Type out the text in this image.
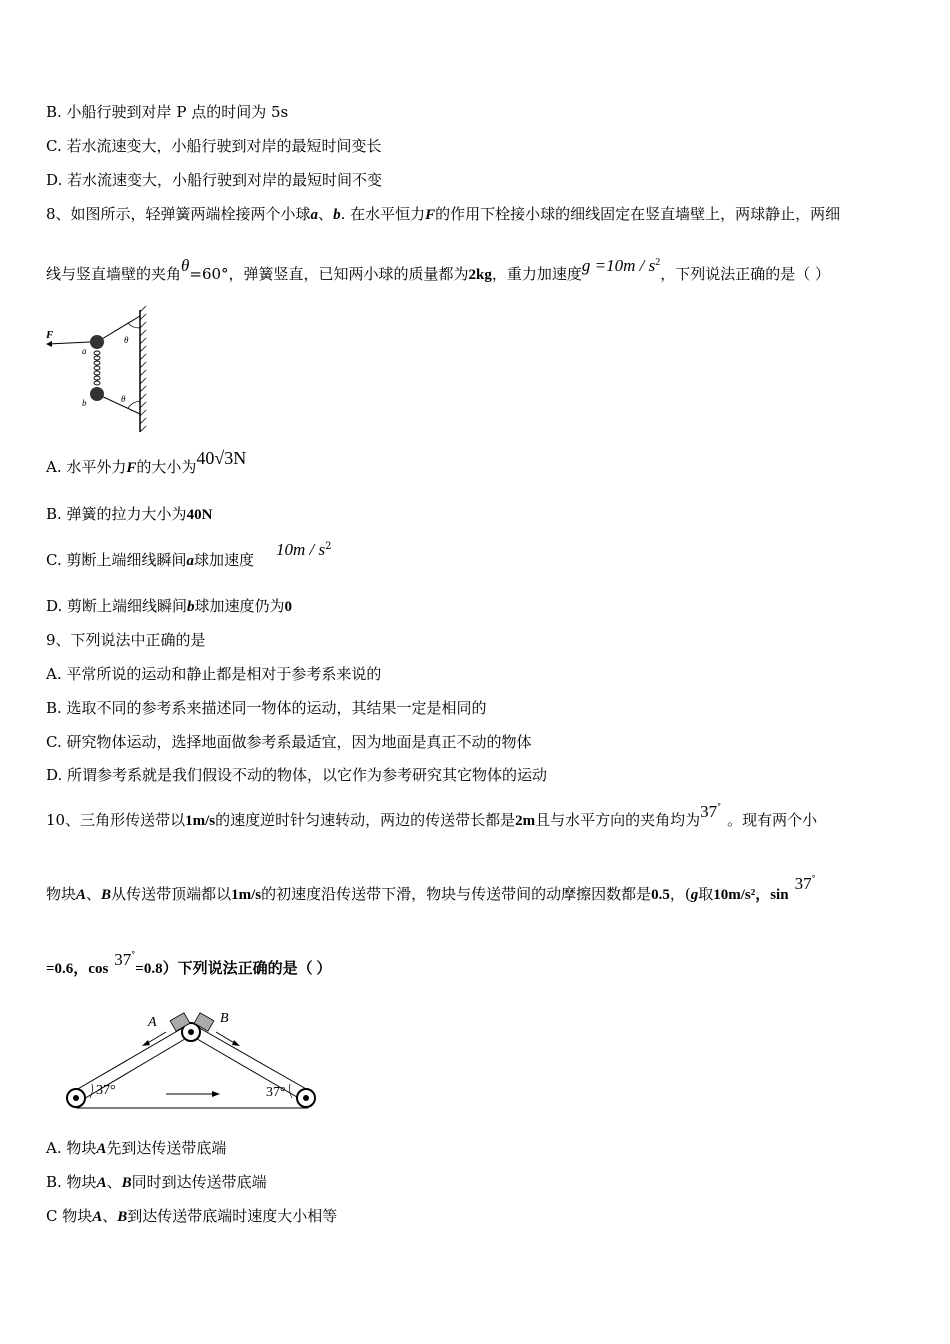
B. 小船行驶到对岸 P 点的时间为 5s
C. 若水流速变大，小船行驶到对岸的最短时间变长
D. 若水流速变大，小船行驶到对岸的最短时间不变
8、如图所示，轻弹簧两端栓接两个小球a、b. 在水平恒力F的作用下栓接小球的细线固定在竖直墙壁上，两球静止，两细
线与竖直墙壁的夹角θ=60°，弹簧竖直，已知两小球的质量都为2kg，重力加速度$g =10m / s^2$，下列说法正确的是（ ）
F
a
b
θ
θ
A. 水平外力F的大小为40√3N
B. 弹簧的拉力大小为40N
C. 剪断上端细线瞬间a球加速度$10m / s^2$
D. 剪断上端细线瞬间b球加速度仍为0
9、下列说法中正确的是
A. 平常所说的运动和静止都是相对于参考系来说的
B. 选取不同的参考系来描述同一物体的运动，其结果一定是相同的
C. 研究物体运动，选择地面做参考系最适宜，因为地面是真正不动的物体
D. 所谓参考系就是我们假设不动的物体，以它作为参考研究其它物体的运动
10、三角形传送带以1m/s的速度逆时针匀速转动，两边的传送带长都是2m且与水平方向的夹角均为37°。现有两个小
物块A、B从传送带顶端都以1m/s的初速度沿传送带下滑，物块与传送带间的动摩擦因数都是0.5，(g取10m/s²，sin37°
=0.6，cos 37°=0.8）下列说法正确的是（ ）
A	B
37°	37°
A. 物块A先到达传送带底端
B. 物块A、B同时到达传送带底端
C 物块A、B到达传送带底端时速度大小相等
